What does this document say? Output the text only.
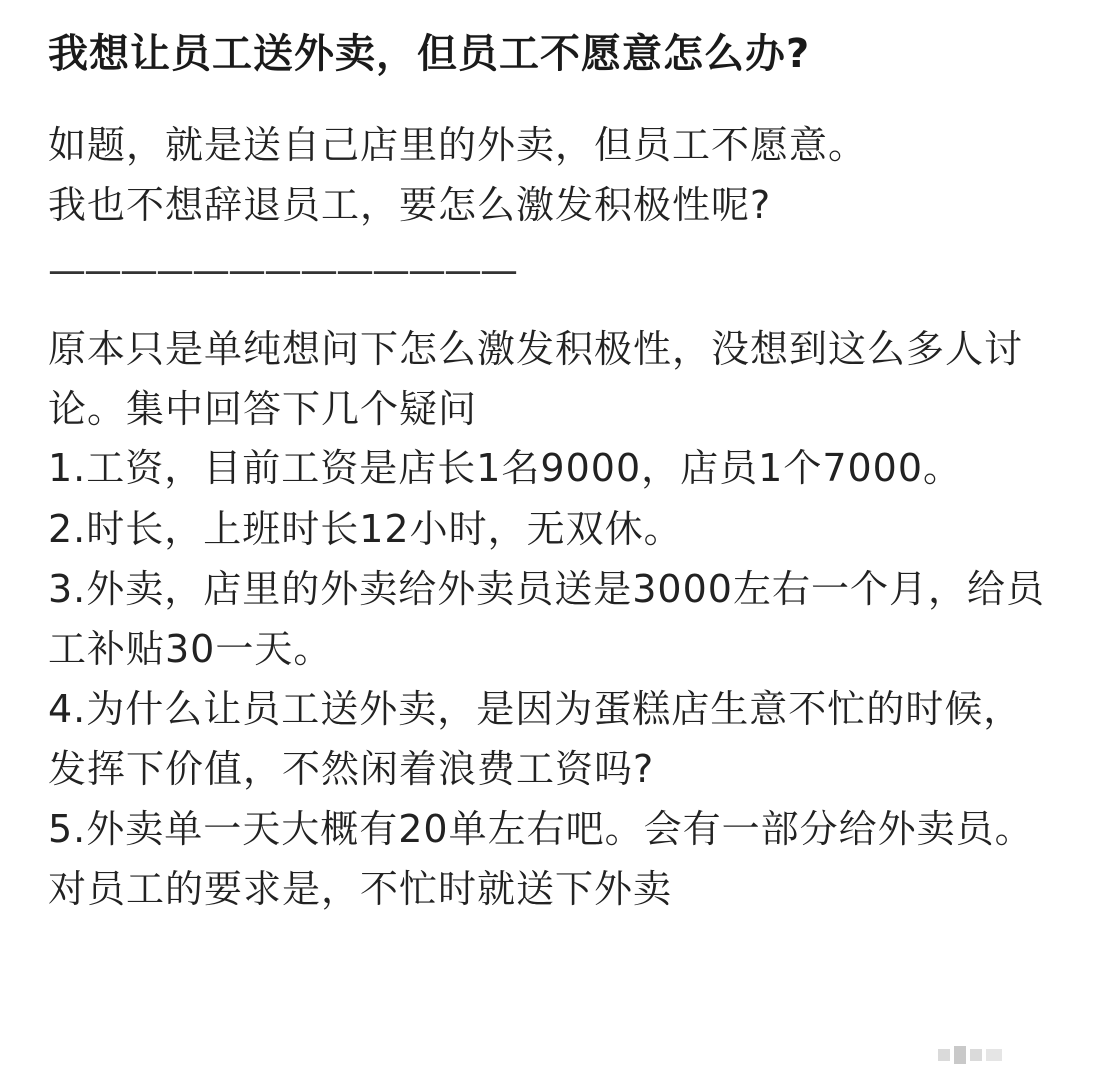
我想让员工送外卖，但员工不愿意怎么办?
如题，就是送自己店里的外卖，但员工不愿意。
我也不想辞退员工，要怎么激发积极性呢?
—————————————

原本只是单纯想问下怎么激发积极性，没想到这么多人讨论。集中回答下几个疑问

1.工资，目前工资是店长1名9000，店员1个7000。

2.时长，上班时长12小时，无双休。

3.外卖，店里的外卖给外卖员送是3000左右一个月，给员工补贴30一天。

4.为什么让员工送外卖，是因为蛋糕店生意不忙的时候，发挥下价值，不然闲着浪费工资吗?

5.外卖单一天大概有20单左右吧。会有一部分给外卖员。对员工的要求是，不忙时就送下外卖
